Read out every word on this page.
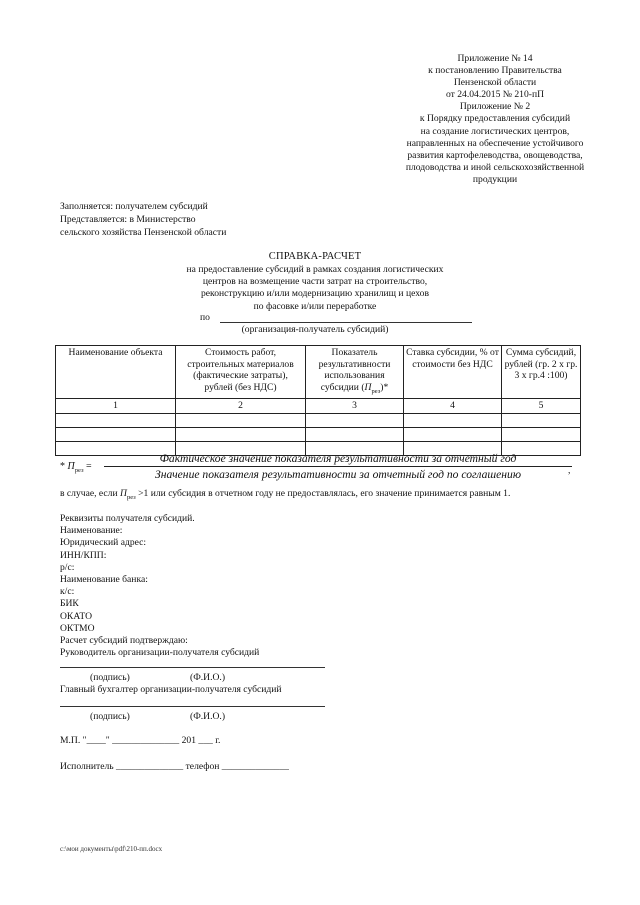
Приложение № 14
к постановлению Правительства
Пензенской области
от 24.04.2015 № 210-пП
Приложение № 2
к Порядку предоставления субсидий
на создание логистических центров,
направленных на обеспечение устойчивого
развития картофелеводства, овощеводства,
плодоводства и иной сельскохозяйственной
продукции
Заполняется: получателем субсидий
Представляется: в Министерство
сельского хозяйства Пензенской области
СПРАВКА-РАСЧЕТ
на предоставление субсидий в рамках создания логистических
центров на возмещение части затрат на строительство,
реконструкцию и/или модернизацию хранилищ и цехов
по фасовке и/или переработке
по
(организация-получатель субсидий)
Наименование объекта	Стоимость работ, строительных материалов (фактические затраты), рублей (без НДС)	Показатель результативности использования субсидии $(П_{рез})*$	Ставка субсидии, % от стоимости без НДС	Сумма субсидий, рублей (гр. 2 х гр. 3 х гр.4 :100)
1	2	3	4	5

* $П_{рез}$ =
Фактическое значение показателя результативности за отчетный год
Значение показателя результативности за отчетный год по соглашению	,
в случае, если $П_{рез} >1$ или субсидия в отчетном году не предоставлялась, его значение принимается равным 1.
Реквизиты получателя субсидий.
Наименование:
Юридический адрес:
ИНН/КПП:
р/с:
Наименование банка:
к/с:
БИК
ОКАТО
ОКТМО
Расчет субсидий подтверждаю:
Руководитель организации-получателя субсидий
(подпись)	(Ф.И.О.)
Главный бухгалтер организации-получателя субсидий
(подпись)	(Ф.И.О.)
М.П. "____" ______________ 201 ___ г.
Исполнитель ______________ телефон ______________
c:\мои документы\pdf\210-пп.docx
